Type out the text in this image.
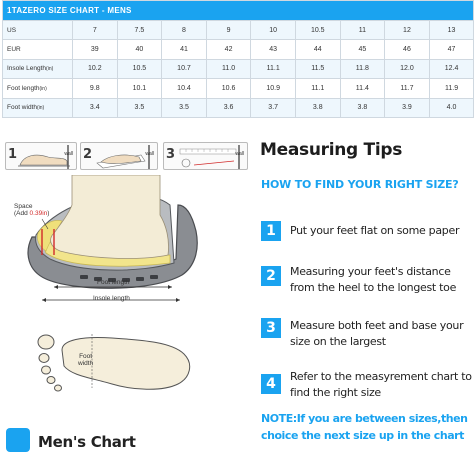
1TAZERO SIZE CHART - MENS									
US	7	7.5	8	9	10	10.5	11	12	13
EUR	39	40	41	42	43	44	45	46	47
Insole Length(in)	10.2	10.5	10.7	11.0	11.1	11.5	11.8	12.0	12.4
Foot length(in)	9.8	10.1	10.4	10.6	10.9	11.1	11.4	11.7	11.9
Foot width(in)	3.4	3.5	3.5	3.6	3.7	3.8	3.8	3.9	4.0
1	wall 2	wall 3	wall
Space
(Add 0.39in)
Foot length
Insole length
Foot
width
Men's Chart
Measuring Tips
HOW TO FIND YOUR RIGHT SIZE?
1	Put your feet flat on some paper
2	Measuring your feet's distance from the heel to the longest toe
3	Measure both feet and base your size on the largest
4	Refer to the measyrement chart to find the right size
NOTE:If you are between sizes,then choice the next size up in the chart
